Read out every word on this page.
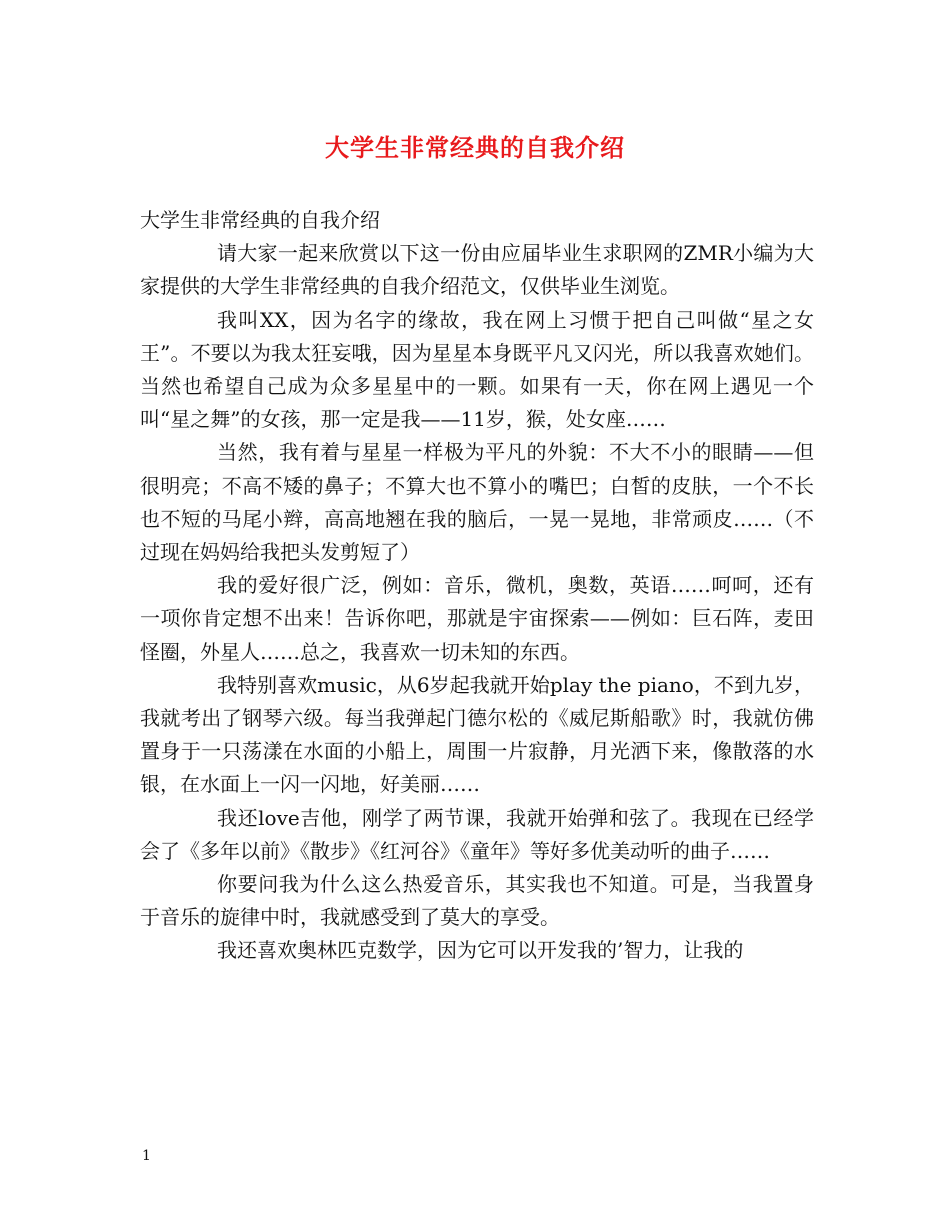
大学生非常经典的自我介绍

大学生非常经典的自我介绍

请大家一起来欣赏以下这一份由应届毕业生求职网的ZMR小编为大家提供的大学生非常经典的自我介绍范文，仅供毕业生浏览。

我叫XX，因为名字的缘故，我在网上习惯于把自己叫做“星之女王”。不要以为我太狂妄哦，因为星星本身既平凡又闪光，所以我喜欢她们。当然也希望自己成为众多星星中的一颗。如果有一天，你在网上遇见一个叫“星之舞”的女孩，那一定是我——11岁，猴，处女座……

当然，我有着与星星一样极为平凡的外貌：不大不小的眼睛——但很明亮；不高不矮的鼻子；不算大也不算小的嘴巴；白皙的皮肤，一个不长也不短的马尾小辫，高高地翘在我的脑后，一晃一晃地，非常顽皮……（不过现在妈妈给我把头发剪短了）

我的爱好很广泛，例如：音乐，微机，奥数，英语……呵呵，还有一项你肯定想不出来！告诉你吧，那就是宇宙探索——例如：巨石阵，麦田怪圈，外星人……总之，我喜欢一切未知的东西。

我特别喜欢music，从6岁起我就开始play the piano，不到九岁，我就考出了钢琴六级。每当我弹起门德尔松的《威尼斯船歌》时，我就仿佛置身于一只荡漾在水面的小船上，周围一片寂静，月光洒下来，像散落的水银，在水面上一闪一闪地，好美丽……

我还love吉他，刚学了两节课，我就开始弹和弦了。我现在已经学会了《多年以前》《散步》《红河谷》《童年》等好多优美动听的曲子……

你要问我为什么这么热爱音乐，其实我也不知道。可是，当我置身于音乐的旋律中时，我就感受到了莫大的享受。

我还喜欢奥林匹克数学，因为它可以开发我的’智力，让我的

1
